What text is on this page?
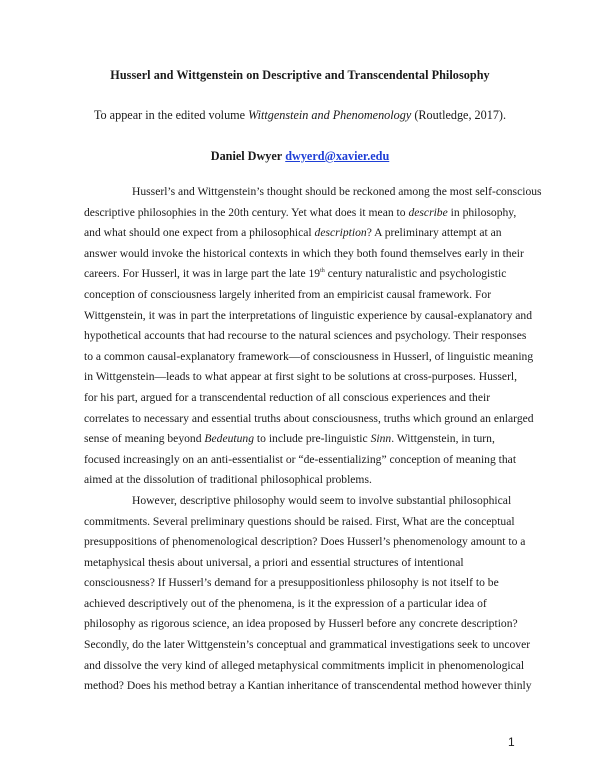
Husserl and Wittgenstein on Descriptive and Transcendental Philosophy
To appear in the edited volume Wittgenstein and Phenomenology (Routledge, 2017).
Daniel Dwyer dwyerd@xavier.edu
Husserl’s and Wittgenstein’s thought should be reckoned among the most self-conscious
descriptive philosophies in the 20th century. Yet what does it mean to describe in philosophy,
and what should one expect from a philosophical description? A preliminary attempt at an
answer would invoke the historical contexts in which they both found themselves early in their
careers. For Husserl, it was in large part the late 19th century naturalistic and psychologistic
conception of consciousness largely inherited from an empiricist causal framework. For
Wittgenstein, it was in part the interpretations of linguistic experience by causal-explanatory and
hypothetical accounts that had recourse to the natural sciences and psychology. Their responses
to a common causal-explanatory framework—of consciousness in Husserl, of linguistic meaning
in Wittgenstein—leads to what appear at first sight to be solutions at cross-purposes. Husserl,
for his part, argued for a transcendental reduction of all conscious experiences and their
correlates to necessary and essential truths about consciousness, truths which ground an enlarged
sense of meaning beyond Bedeutung to include pre-linguistic Sinn. Wittgenstein, in turn,
focused increasingly on an anti-essentialist or “de-essentializing” conception of meaning that
aimed at the dissolution of traditional philosophical problems.
However, descriptive philosophy would seem to involve substantial philosophical
commitments. Several preliminary questions should be raised. First, What are the conceptual
presuppositions of phenomenological description? Does Husserl’s phenomenology amount to a
metaphysical thesis about universal, a priori and essential structures of intentional
consciousness? If Husserl’s demand for a presuppositionless philosophy is not itself to be
achieved descriptively out of the phenomena, is it the expression of a particular idea of
philosophy as rigorous science, an idea proposed by Husserl before any concrete description?
Secondly, do the later Wittgenstein’s conceptual and grammatical investigations seek to uncover
and dissolve the very kind of alleged metaphysical commitments implicit in phenomenological
method? Does his method betray a Kantian inheritance of transcendental method however thinly
1
